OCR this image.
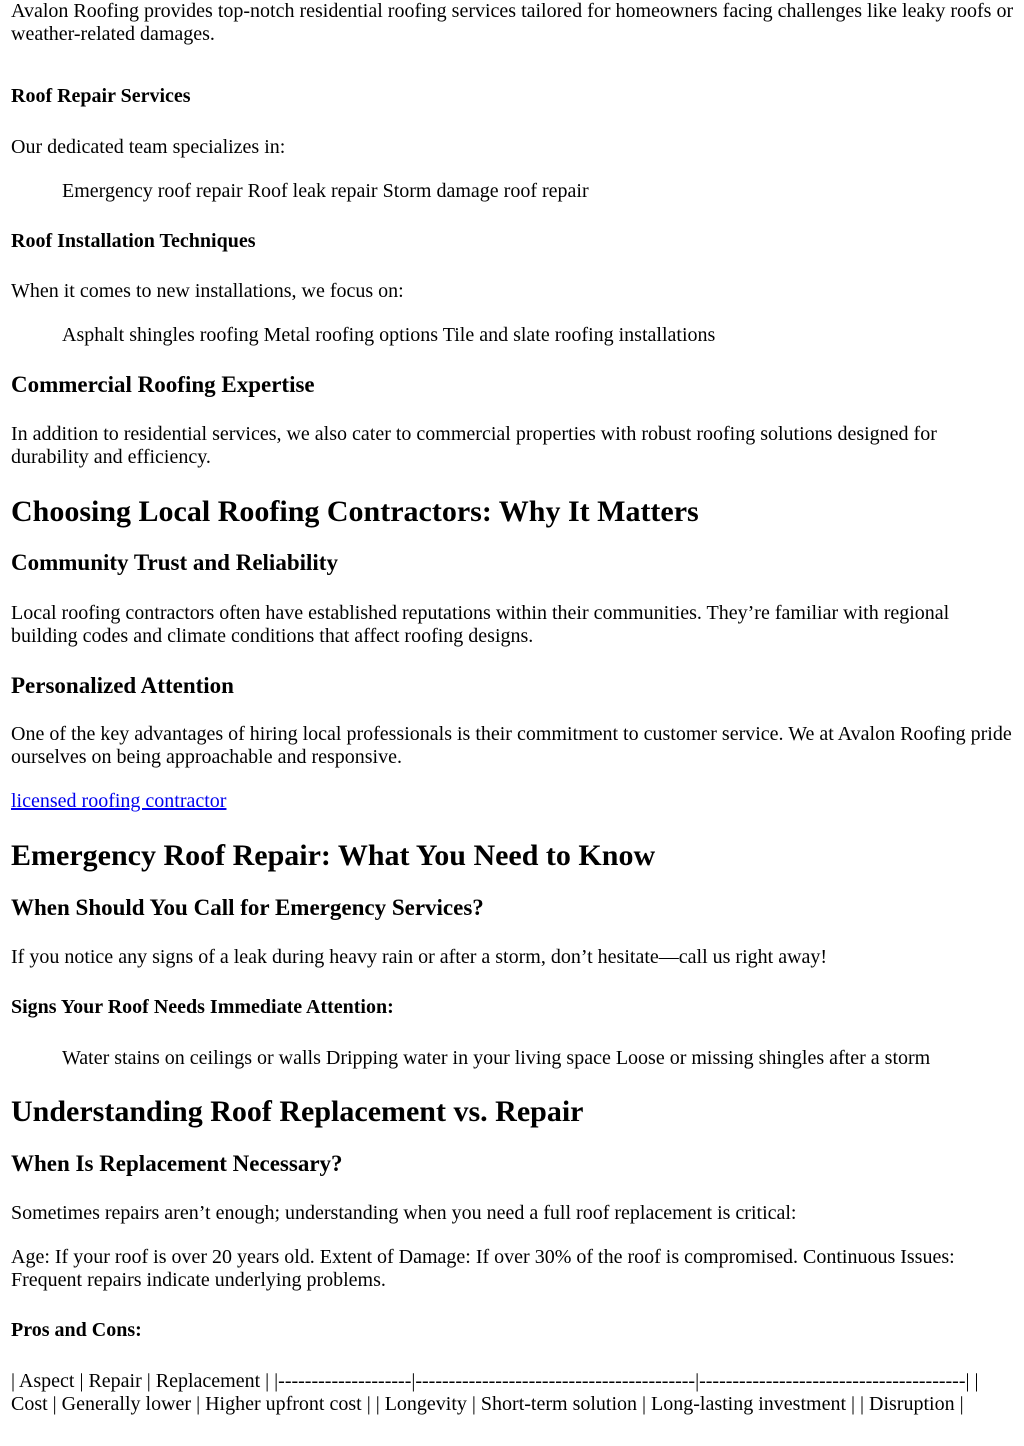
Avalon Roofing provides top-notch residential roofing services tailored for homeowners facing challenges like leaky roofs or weather-related damages.

Roof Repair Services

Our dedicated team specializes in:

Emergency roof repair Roof leak repair Storm damage roof repair
Roof Installation Techniques

When it comes to new installations, we focus on:

Asphalt shingles roofing Metal roofing options Tile and slate roofing installations
Commercial Roofing Expertise

In addition to residential services, we also cater to commercial properties with robust roofing solutions designed for durability and efficiency.

Choosing Local Roofing Contractors: Why It Matters
Community Trust and Reliability

Local roofing contractors often have established reputations within their communities. They’re familiar with regional building codes and climate conditions that affect roofing designs.

Personalized Attention

One of the key advantages of hiring local professionals is their commitment to customer service. We at Avalon Roofing pride ourselves on being approachable and responsive.

licensed roofing contractor

Emergency Roof Repair: What You Need to Know
When Should You Call for Emergency Services?

If you notice any signs of a leak during heavy rain or after a storm, don’t hesitate—call us right away!

Signs Your Roof Needs Immediate Attention:
Water stains on ceilings or walls Dripping water in your living space Loose or missing shingles after a storm
Understanding Roof Replacement vs. Repair
When Is Replacement Necessary?

Sometimes repairs aren’t enough; understanding when you need a full roof replacement is critical:

Age: If your roof is over 20 years old. Extent of Damage: If over 30% of the roof is compromised. Continuous Issues: Frequent repairs indicate underlying problems.

Pros and Cons:

| Aspect | Repair | Replacement | |--------------------|------------------------------------------|----------------------------------------| | Cost | Generally lower | Higher upfront cost | | Longevity | Short-term solution | Long-lasting investment | | Disruption |
